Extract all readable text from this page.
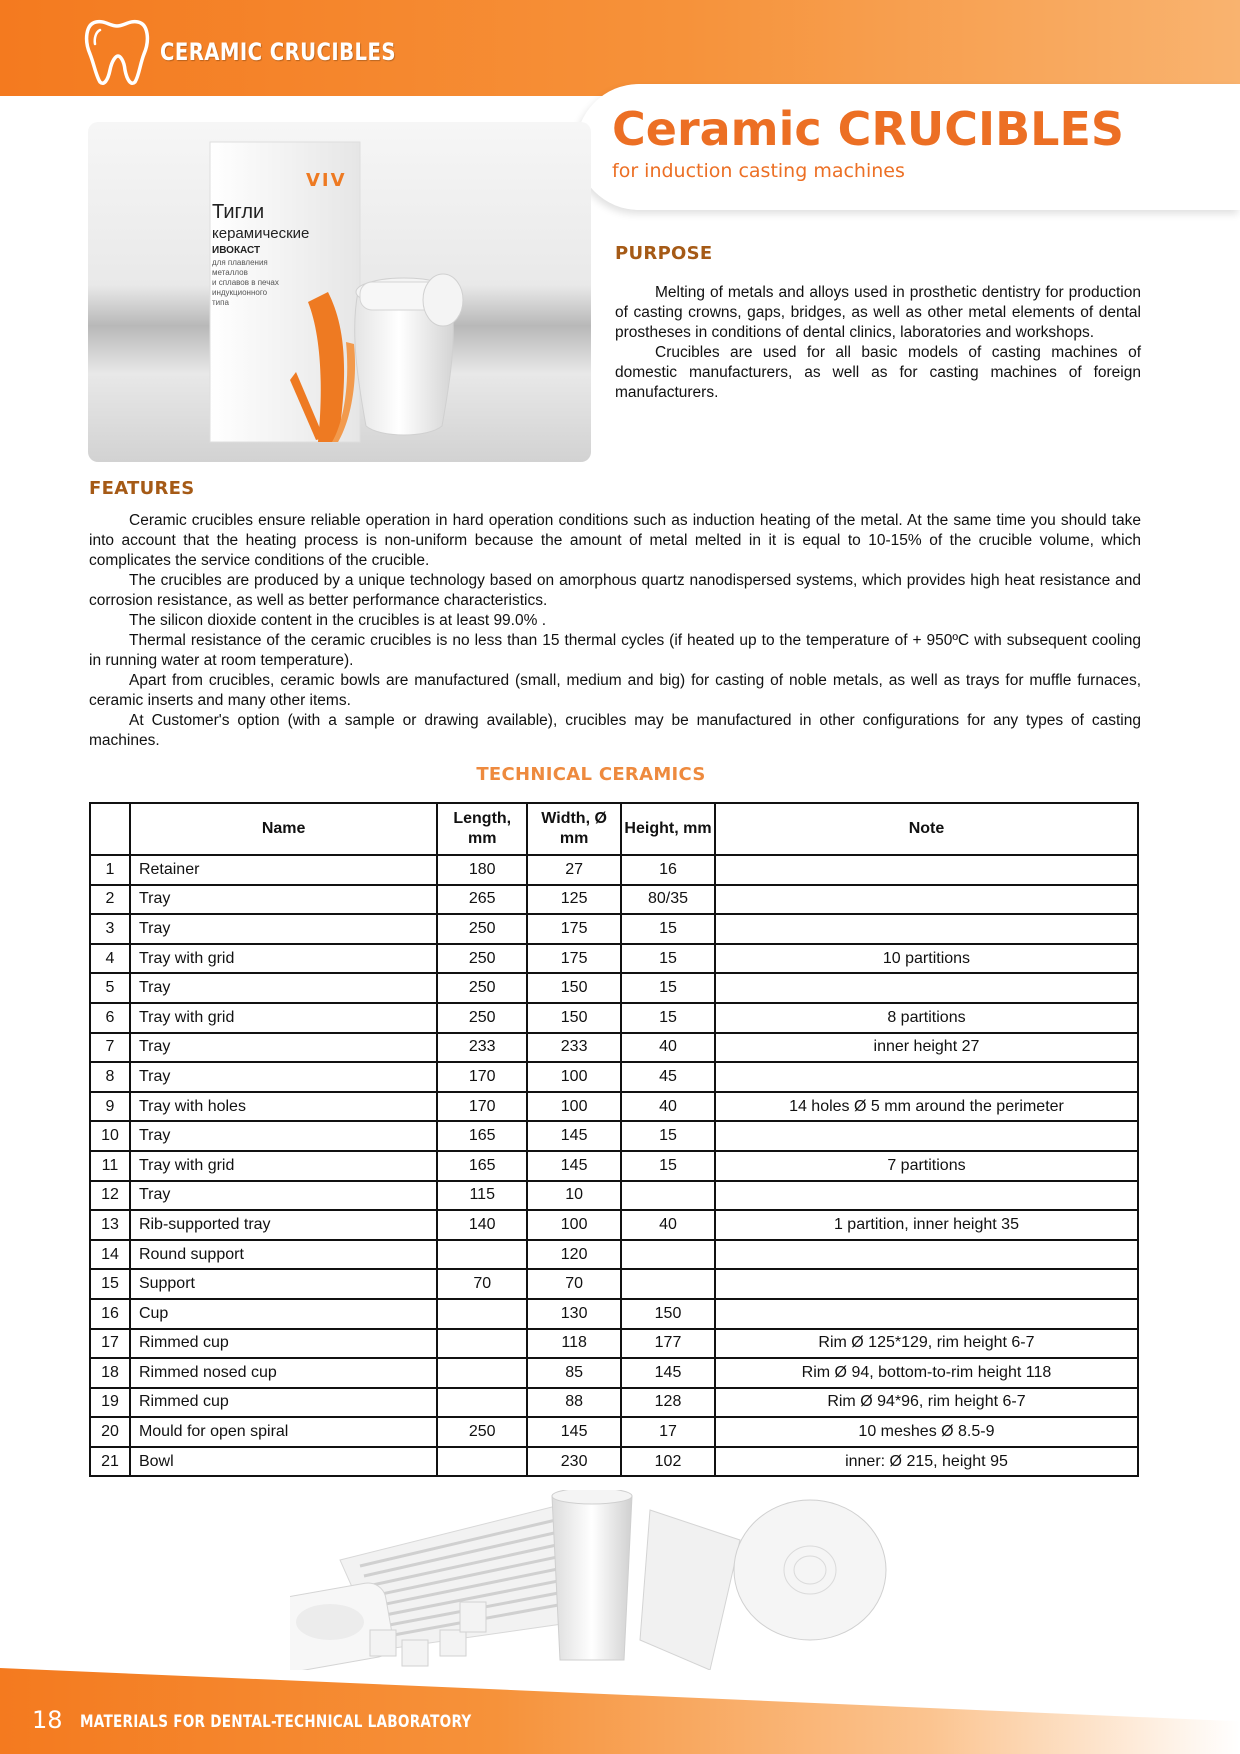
CERAMIC CRUCIBLES
Ceramic CRUCIBLES
for induction casting machines
VIV
Тигли
керамические
ИВОКАСТ
для плавления
металлов
и сплавов в печах
индукционного
типа
PURPOSE

Melting of metals and alloys used in prosthetic dentistry for production of casting crowns, gaps, bridges, as well as other metal elements of dental prostheses in conditions of dental clinics, laboratories and workshops.

Crucibles are used for all basic models of casting machines of domestic manufacturers, as well as for casting machines of foreign manufacturers.

FEATURES

Ceramic crucibles ensure reliable operation in hard operation conditions such as induction heating of the metal. At the same time you should take into account that the heating process is non-uniform because the amount of metal melted in it is equal to 10-15% of the crucible volume, which complicates the service conditions of the crucible.

The crucibles are produced by a unique technology based on amorphous quartz nanodispersed systems, which provides high heat resistance and corrosion resistance, as well as better performance characteristics.

The silicon dioxide content in the crucibles is at least 99.0% .

Thermal resistance of the ceramic crucibles is no less than 15 thermal cycles (if heated up to the temperature of + 950ºC with subsequent cooling in running water at room temperature).

Apart from crucibles, ceramic bowls are manufactured (small, medium and big) for casting of noble metals, as well as trays for muffle furnaces, ceramic inserts and many other items.

At Customer's option (with a sample or drawing available), crucibles may be manufactured in other configurations for any types of casting machines.

TECHNICAL CERAMICS
	Name	Length, mm	Width, Ø mm	Height, mm	Note
1	Retainer	180	27	16	
2	Tray	265	125	80/35	
3	Tray	250	175	15	
4	Tray with grid	250	175	15	10 partitions
5	Tray	250	150	15	
6	Tray with grid	250	150	15	8 partitions
7	Tray	233	233	40	inner height 27
8	Tray	170	100	45	
9	Tray with holes	170	100	40	14 holes Ø 5 mm around the perimeter
10	Tray	165	145	15	
11	Tray with grid	165	145	15	7 partitions
12	Tray	115	10		
13	Rib-supported tray	140	100	40	1 partition, inner height 35
14	Round support		120		
15	Support	70	70		
16	Cup		130	150	
17	Rimmed cup		118	177	Rim Ø 125*129, rim height 6-7
18	Rimmed nosed cup		85	145	Rim Ø 94, bottom-to-rim height 118
19	Rimmed cup		88	128	Rim Ø 94*96, rim height 6-7
20	Mould for open spiral	250	145	17	10 meshes Ø 8.5-9
21	Bowl		230	102	inner: Ø 215, height 95
18 MATERIALS FOR DENTAL-TECHNICAL LABORATORY
